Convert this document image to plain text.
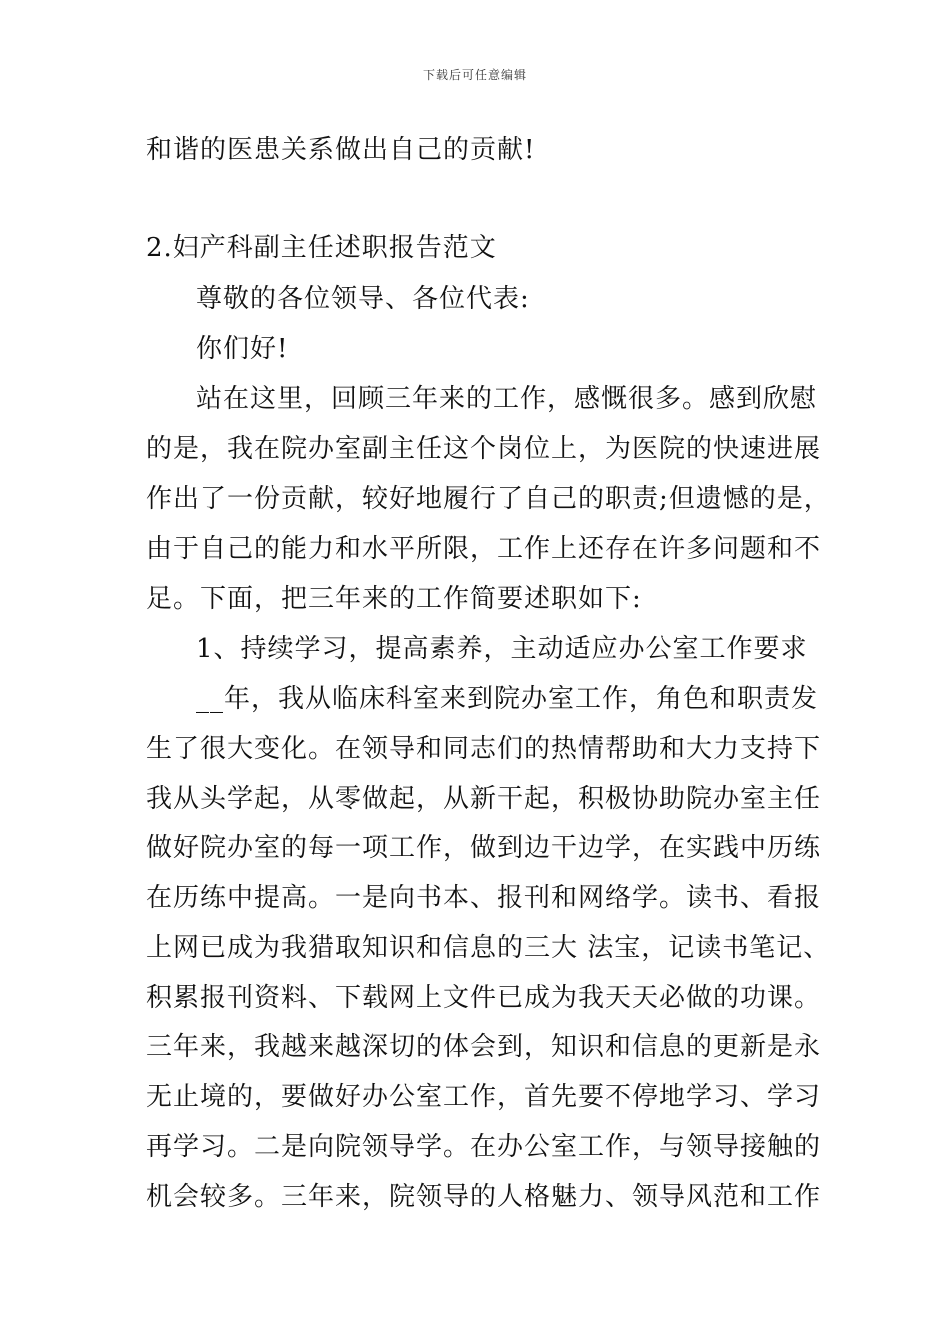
下载后可任意编辑
和谐的医患关系做出自己的贡献!
2.妇产科副主任述职报告范文
尊敬的各位领导、各位代表:
你们好!
站在这里，回顾三年来的工作，感慨很多。感到欣慰
的是，我在院办室副主任这个岗位上，为医院的快速进展
作出了一份贡献，较好地履行了自己的职责;但遗憾的是，
由于自己的能力和水平所限，工作上还存在许多问题和不
足。下面，把三年来的工作简要述职如下:
1、持续学习，提高素养，主动适应办公室工作要求
__年，我从临床科室来到院办室工作，角色和职责发
生了很大变化。在领导和同志们的热情帮助和大力支持下
我从头学起，从零做起，从新干起，积极协助院办室主任
做好院办室的每一项工作，做到边干边学，在实践中历练
在历练中提高。一是向书本、报刊和网络学。读书、看报
上网已成为我猎取知识和信息的三大 法宝，记读书笔记、
积累报刊资料、下载网上文件已成为我天天必做的功课。
三年来，我越来越深切的体会到，知识和信息的更新是永
无止境的，要做好办公室工作，首先要不停地学习、学习
再学习。二是向院领导学。在办公室工作，与领导接触的
机会较多。三年来，院领导的人格魅力、领导风范和工作
